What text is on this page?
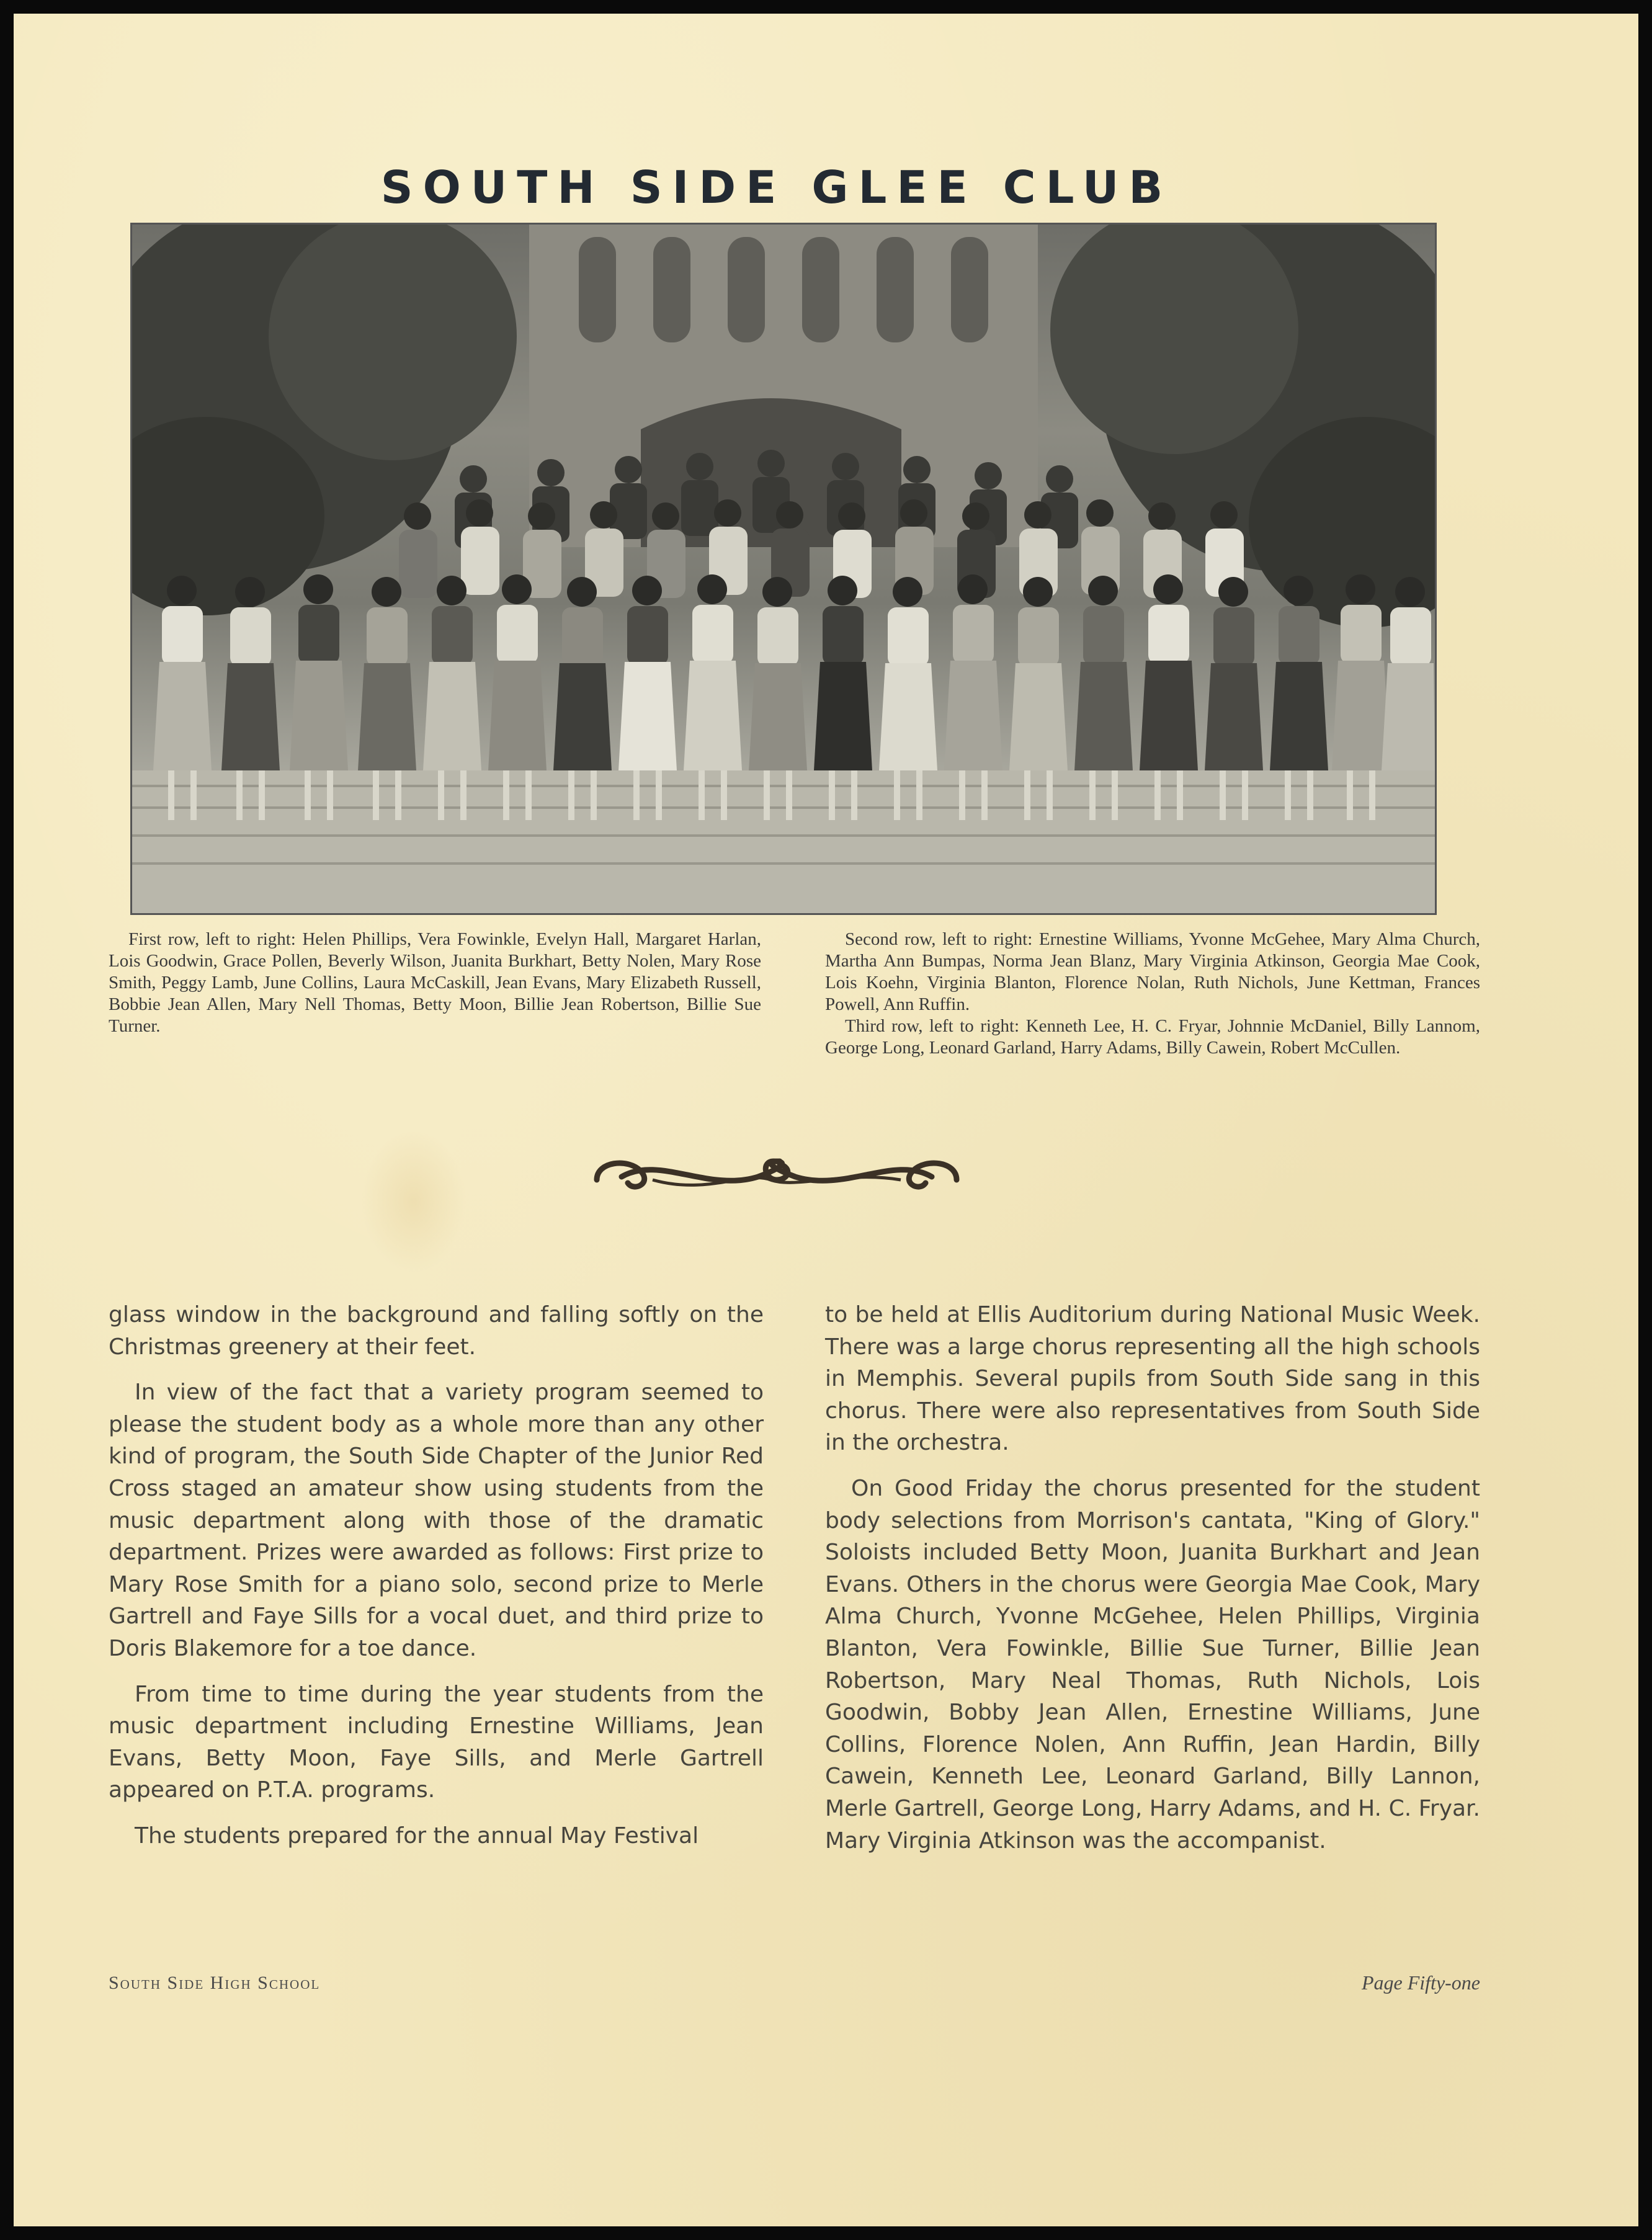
SOUTH SIDE GLEE CLUB

First row, left to right: Helen Phillips, Vera Fowinkle, Evelyn Hall, Margaret Harlan, Lois Goodwin, Grace Pollen, Beverly Wilson, Juanita Burkhart, Betty Nolen, Mary Rose Smith, Peggy Lamb, June Collins, Laura McCaskill, Jean Evans, Mary Elizabeth Russell, Bobbie Jean Allen, Mary Nell Thomas, Betty Moon, Billie Jean Robertson, Billie Sue Turner.

Second row, left to right: Ernestine Williams, Yvonne McGehee, Mary Alma Church, Martha Ann Bumpas, Norma Jean Blanz, Mary Virginia Atkinson, Georgia Mae Cook, Lois Koehn, Virginia Blanton, Florence Nolan, Ruth Nichols, June Kettman, Frances Powell, Ann Ruffin.

Third row, left to right: Kenneth Lee, H. C. Fryar, Johnnie McDaniel, Billy Lannom, George Long, Leonard Garland, Harry Adams, Billy Cawein, Robert McCullen.

glass window in the background and falling softly on the Christmas greenery at their feet.

In view of the fact that a variety program seemed to please the student body as a whole more than any other kind of program, the South Side Chapter of the Junior Red Cross staged an amateur show using students from the music department along with those of the dramatic department. Prizes were awarded as follows: First prize to Mary Rose Smith for a piano solo, second prize to Merle Gartrell and Faye Sills for a vocal duet, and third prize to Doris Blakemore for a toe dance.

From time to time during the year students from the music department including Ernestine Williams, Jean Evans, Betty Moon, Faye Sills, and Merle Gartrell appeared on P.T.A. programs.

The students prepared for the annual May Festival

to be held at Ellis Auditorium during National Music Week. There was a large chorus representing all the high schools in Memphis. Several pupils from South Side sang in this chorus. There were also representatives from South Side in the orchestra.

On Good Friday the chorus presented for the student body selections from Morrison's cantata, "King of Glory." Soloists included Betty Moon, Juanita Burkhart and Jean Evans. Others in the chorus were Georgia Mae Cook, Mary Alma Church, Yvonne McGehee, Helen Phillips, Virginia Blanton, Vera Fowinkle, Billie Sue Turner, Billie Jean Robertson, Mary Neal Thomas, Ruth Nichols, Lois Goodwin, Bobby Jean Allen, Ernestine Williams, June Collins, Florence Nolen, Ann Ruffin, Jean Hardin, Billy Cawein, Kenneth Lee, Leonard Garland, Billy Lannon, Merle Gartrell, George Long, Harry Adams, and H. C. Fryar. Mary Virginia Atkinson was the accompanist.

South Side High School	Page Fifty-one
